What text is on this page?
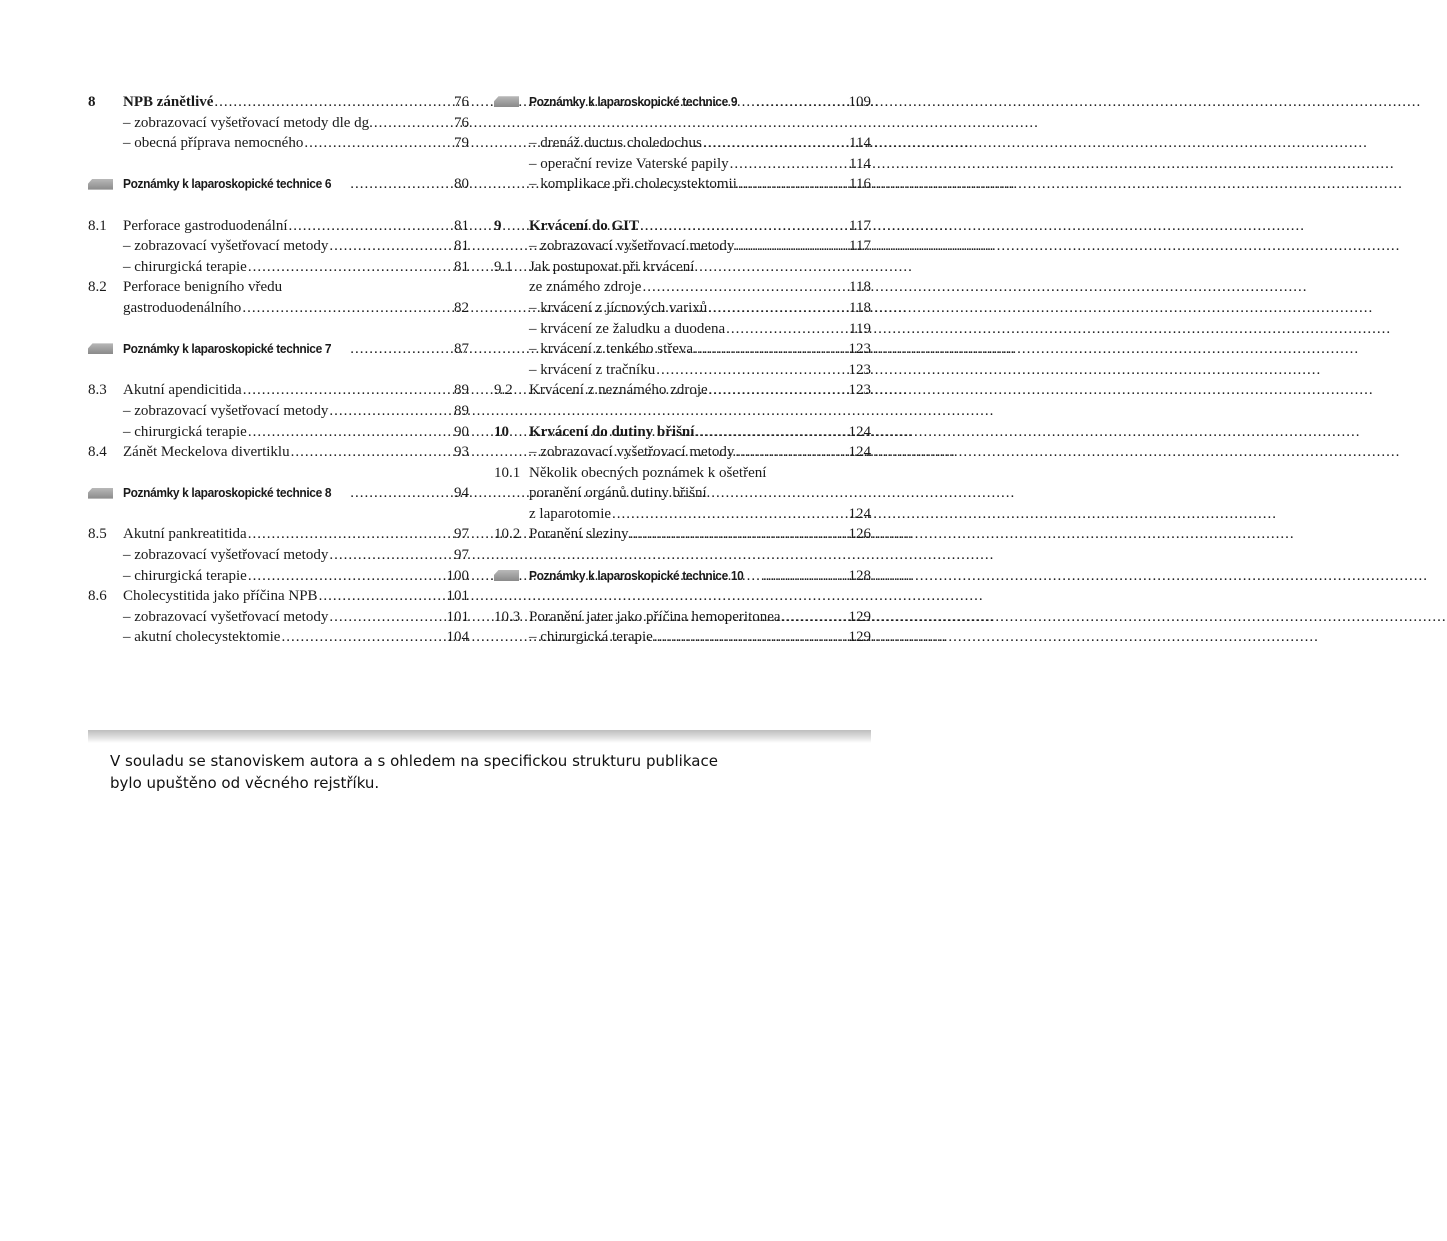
8	NPB zánětlivé .....	76
– zobrazovací vyšetřovací metody dle dg. .....	76
– obecná příprava nemocného .....	79
Poznámky k laparoskopické technice 6 .....	80
8.1	Perforace gastroduodenální .....	81
– zobrazovací vyšetřovací metody .....	81
– chirurgická terapie .....	81
8.2	Perforace benigního vředu
gastroduodenálního .....	82
Poznámky k laparoskopické technice 7 .....	87
8.3	Akutní apendicitida .....	89
– zobrazovací vyšetřovací metody .....	89
– chirurgická terapie .....	90
8.4	Zánět Meckelova divertiklu .....	93
Poznámky k laparoskopické technice 8 .....	94
8.5	Akutní pankreatitida .....	97
– zobrazovací vyšetřovací metody .....	97
– chirurgická terapie .....	100
8.6	Cholecystitida jako příčina NPB .....	101
– zobrazovací vyšetřovací metody .....	101
– akutní cholecystektomie .....	104
Poznámky k laparoskopické technice 9 .....	109
– drenáž ductus choledochus .....	114
– operační revize Vaterské papily .....	114
– komplikace při cholecystektomii .....	116
9	Krvácení do GIT .....	117
– zobrazovací vyšetřovací metody .....	117
9.1	Jak postupovat při krvácení
ze známého zdroje .....	118
– krvácení z jícnových varixů .....	118
– krvácení ze žaludku a duodena .....	119
– krvácení z tenkého střeva .....	123
– krvácení z tračníku .....	123
9.2	Krvácení z neznámého zdroje .....	123
10	Krvácení do dutiny břišní .....	124
– zobrazovací vyšetřovací metody .....	124
10.1 Několik obecných poznámek k ošetření
poranění orgánů dutiny břišní
z laparotomie .....	124
10.2 Poranění sleziny .....	126
Poznámky k laparoskopické technice 10 .....	128
10.3 Poranění jater jako příčina hemoperitonea .....	129
– chirurgická terapie .....	129

V souladu se stanoviskem autora a s ohledem na specifickou strukturu publikace

bylo upuštěno od věcného rejstříku.
